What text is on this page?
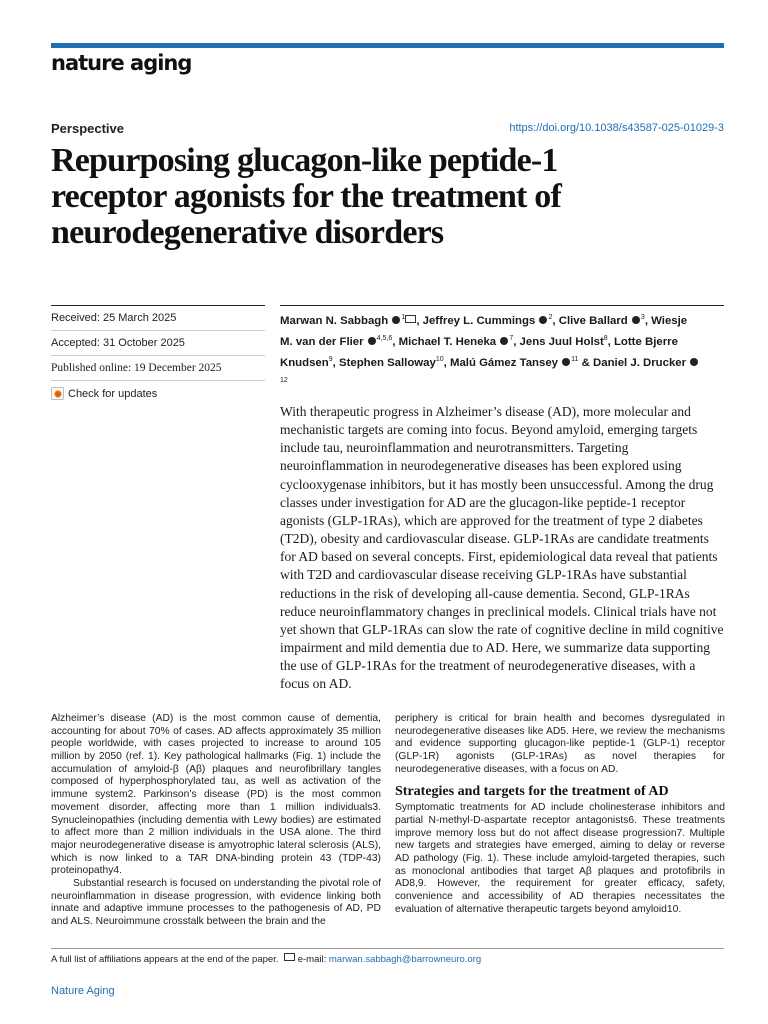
nature aging
Perspective	https://doi.org/10.1038/s43587-025-01029-3
Repurposing glucagon-like peptide-1 receptor agonists for the treatment of neurodegenerative disorders
Received: 25 March 2025
Accepted: 31 October 2025
Published online: 19 December 2025
Check for updates
Marwan N. Sabbagh $^1$ , Jeffrey L. Cummings $^2$, Clive Ballard $^3$, Wiesje M. van der Flier $^{4,5,6}$, Michael T. Heneka $^7$, Jens Juul Holst$^8$, Lotte Bjerre Knudsen$^9$, Stephen Salloway$^{10}$, Malú Gámez Tansey $^{11}$ & Daniel J. Drucker $^{12}$

With therapeutic progress in Alzheimer’s disease (AD), more molecular and mechanistic targets are coming into focus. Beyond amyloid, emerging targets include tau, neuroinflammation and neurotransmitters. Targeting neuroinflammation in neurodegenerative diseases has been explored using cyclooxygenase inhibitors, but it has mostly been unsuccessful. Among the drug classes under investigation for AD are the glucagon-like peptide-1 receptor agonists (GLP-1RAs), which are approved for the treatment of type 2 diabetes (T2D), obesity and cardiovascular disease. GLP-1RAs are candidate treatments for AD based on several concepts. First, epidemiological data reveal that patients with T2D and cardiovascular disease receiving GLP-1RAs have substantial reductions in the risk of developing all-cause dementia. Second, GLP-1RAs reduce neuroinflammatory changes in preclinical models. Clinical trials have not yet shown that GLP-1RAs can slow the rate of cognitive decline in mild cognitive impairment and mild dementia due to AD. Here, we summarize data supporting the use of GLP-1RAs for the treatment of neurodegenerative diseases, with a focus on AD.

Alzheimer’s disease (AD) is the most common cause of dementia, accounting for about 70% of cases. AD affects approximately 35 million people worldwide, with cases projected to increase to around 105 million by 2050 (ref. 1). Key pathological hallmarks (Fig. 1) include the accumulation of amyloid-β (Aβ) plaques and neurofibrillary tangles composed of hyperphosphorylated tau, as well as activation of the immune system2. Parkinson’s disease (PD) is the most common movement disorder, affecting more than 1 million individuals3. Synucleinopathies (including dementia with Lewy bodies) are estimated to affect more than 2 million individuals in the USA alone. The third major neurodegenerative disease is amyotrophic lateral sclerosis (ALS), which is now linked to a TAR DNA-binding protein 43 (TDP-43) proteinopathy4.

Substantial research is focused on understanding the pivotal role of neuroinflammation in disease progression, with evidence linking both innate and adaptive immune processes to the pathogenesis of AD, PD and ALS. Neuroimmune crosstalk between the brain and the

periphery is critical for brain health and becomes dysregulated in neurodegenerative diseases like AD5. Here, we review the mechanisms and evidence supporting glucagon-like peptide-1 (GLP-1) receptor (GLP-1R) agonists (GLP-1RAs) as novel therapies for neurodegenerative diseases, with a focus on AD.

Strategies and targets for the treatment of AD

Symptomatic treatments for AD include cholinesterase inhibitors and partial N-methyl-D-aspartate receptor antagonists6. These treatments improve memory loss but do not affect disease progression7. Multiple new targets and strategies have emerged, aiming to delay or reverse AD pathology (Fig. 1). These include amyloid-targeted therapies, such as monoclonal antibodies that target Aβ plaques and protofibrils in AD8,9. However, the requirement for greater efficacy, safety, convenience and accessibility of AD therapies necessitates the evaluation of alternative therapeutic targets beyond amyloid10.

A full list of affiliations appears at the end of the paper. e-mail: marwan.sabbagh@barrowneuro.org
Nature Aging
